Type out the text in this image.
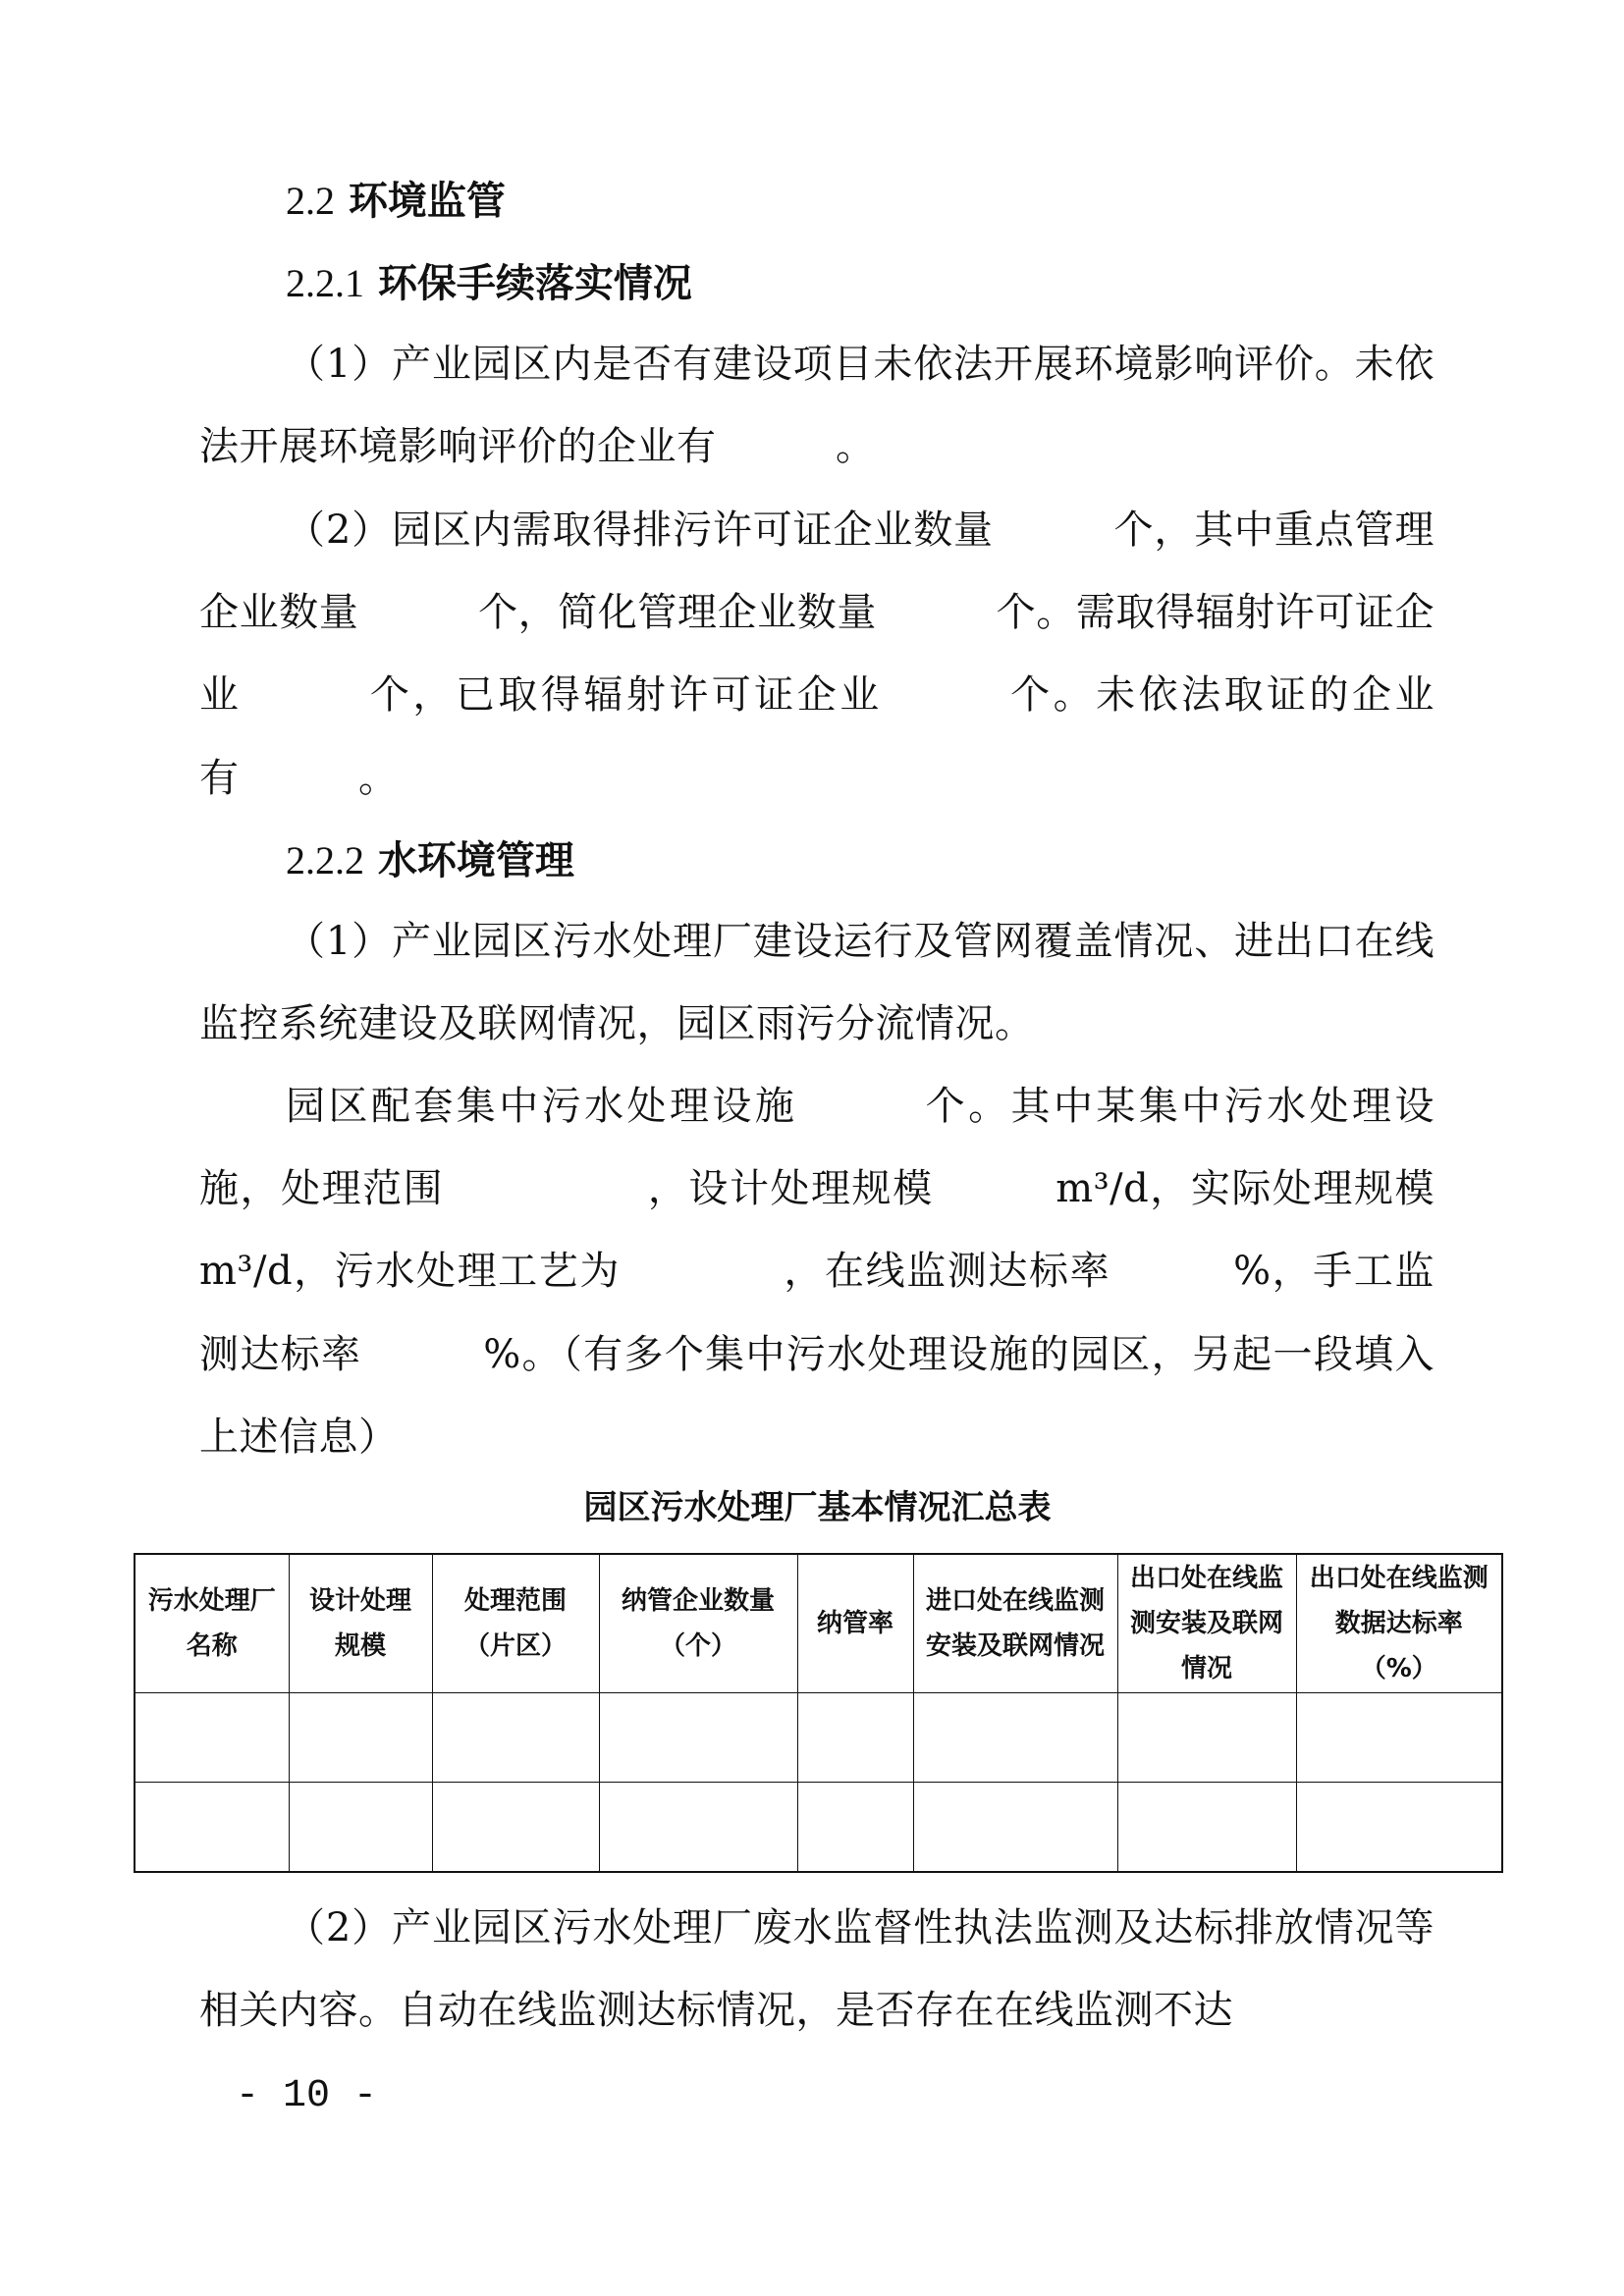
2.2 环境监管
2.2.1 环保手续落实情况

（1）产业园区内是否有建设项目未依法开展环境影响评价。未依法开展环境影响评价的企业有　　　。

（2）园区内需取得排污许可证企业数量　　　个，其中重点管理企业数量　　　个，简化管理企业数量　　　个。需取得辐射许可证企业　　　个，已取得辐射许可证企业　　　个。未依法取证的企业有　　　。

2.2.2 水环境管理

（1）产业园区污水处理厂建设运行及管网覆盖情况、进出口在线监控系统建设及联网情况，园区雨污分流情况。

园区配套集中污水处理设施　　　个。其中某集中污水处理设施，处理范围　　　　　，设计处理规模　　　m³/d，实际处理规模　　　m³/d，污水处理工艺为　　　　，在线监测达标率　　　%，手工监测达标率　　　%。（有多个集中污水处理设施的园区，另起一段填入上述信息）

园区污水处理厂基本情况汇总表
污水处理厂名称	设计处理规模	处理范围（片区）	纳管企业数量（个）	纳管率	进口处在线监测安装及联网情况	出口处在线监测安装及联网情况	出口处在线监测数据达标率（%）

（2）产业园区污水处理厂废水监督性执法监测及达标排放情况等相关内容。自动在线监测达标情况，是否存在在线监测不达

- 10 -
